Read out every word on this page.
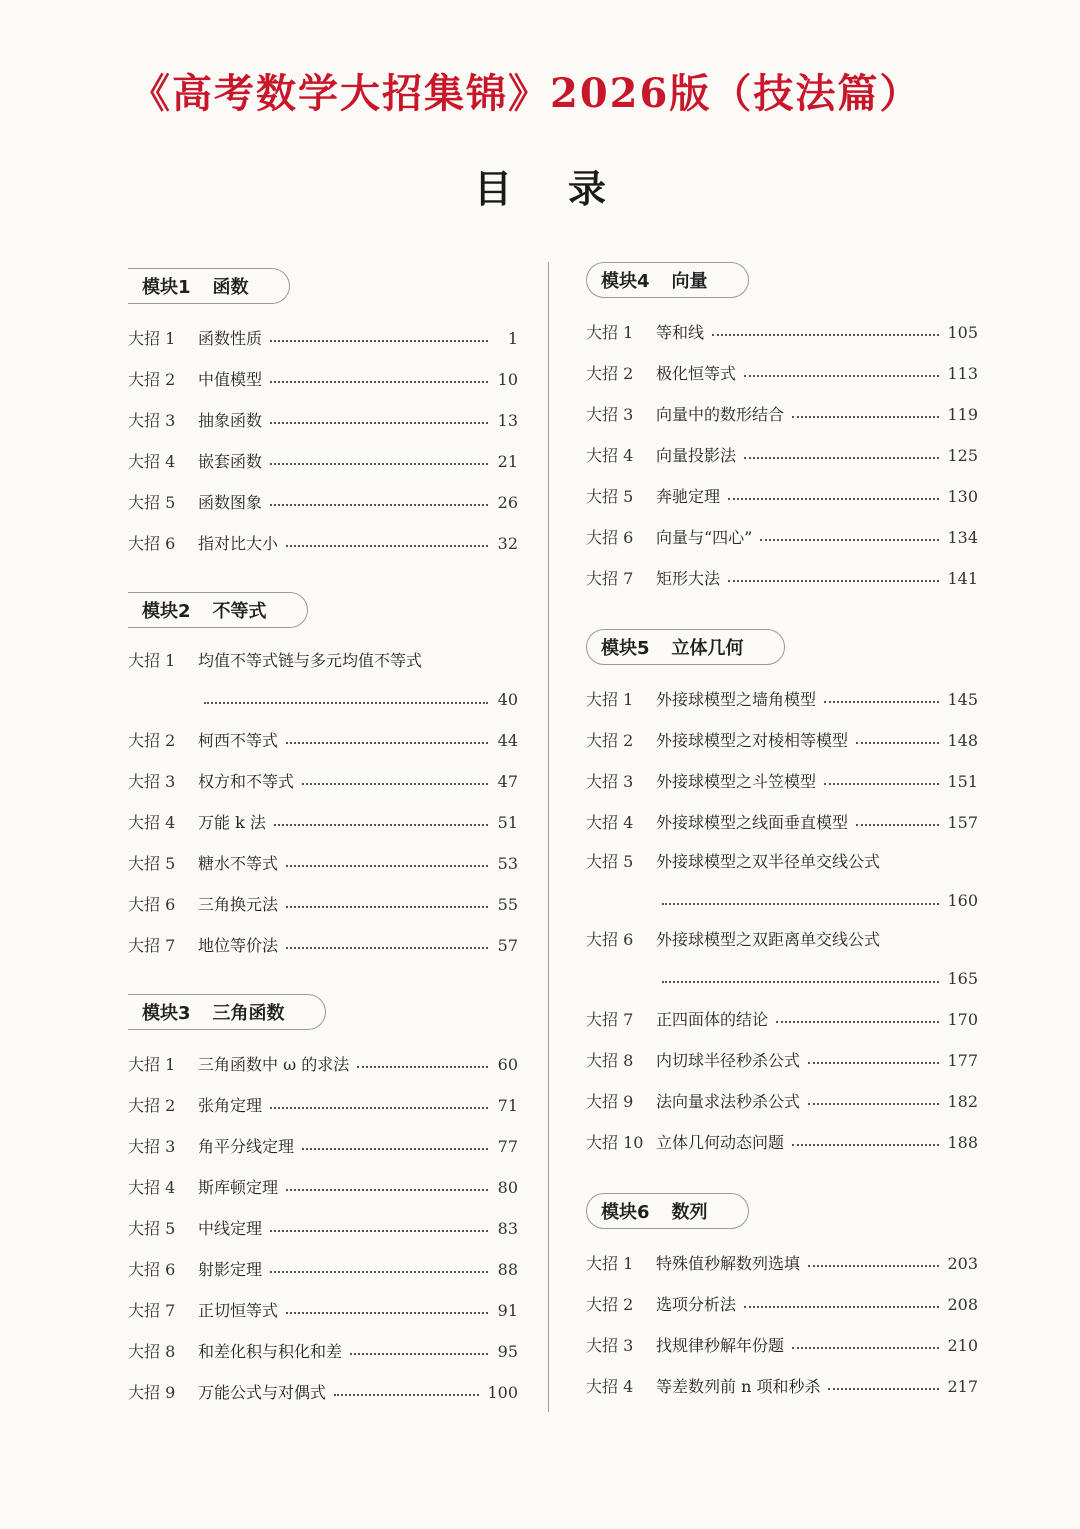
《高考数学大招集锦》2026版（技法篇）
目 录
模块1 函数
大招 1	函数性质	1
大招 2	中值模型	10
大招 3	抽象函数	13
大招 4	嵌套函数	21
大招 5	函数图象	26
大招 6	指对比大小	32
模块2 不等式
大招 1	均值不等式链与多元均值不等式
40
大招 2	柯西不等式	44
大招 3	权方和不等式	47
大招 4	万能 k 法	51
大招 5	糖水不等式	53
大招 6	三角换元法	55
大招 7	地位等价法	57
模块3 三角函数
大招 1	三角函数中 ω 的求法	60
大招 2	张角定理	71
大招 3	角平分线定理	77
大招 4	斯库顿定理	80
大招 5	中线定理	83
大招 6	射影定理	88
大招 7	正切恒等式	91
大招 8	和差化积与积化和差	95
大招 9	万能公式与对偶式	100
模块4 向量
大招 1	等和线	105
大招 2	极化恒等式	113
大招 3	向量中的数形结合	119
大招 4	向量投影法	125
大招 5	奔驰定理	130
大招 6	向量与“四心”	134
大招 7	矩形大法	141
模块5 立体几何
大招 1	外接球模型之墙角模型	145
大招 2	外接球模型之对棱相等模型	148
大招 3	外接球模型之斗笠模型	151
大招 4	外接球模型之线面垂直模型	157
大招 5	外接球模型之双半径单交线公式
160
大招 6	外接球模型之双距离单交线公式
165
大招 7	正四面体的结论	170
大招 8	内切球半径秒杀公式	177
大招 9	法向量求法秒杀公式	182
大招 10 立体几何动态问题	188
模块6 数列
大招 1	特殊值秒解数列选填	203
大招 2	选项分析法	208
大招 3	找规律秒解年份题	210
大招 4	等差数列前 n 项和秒杀	217
